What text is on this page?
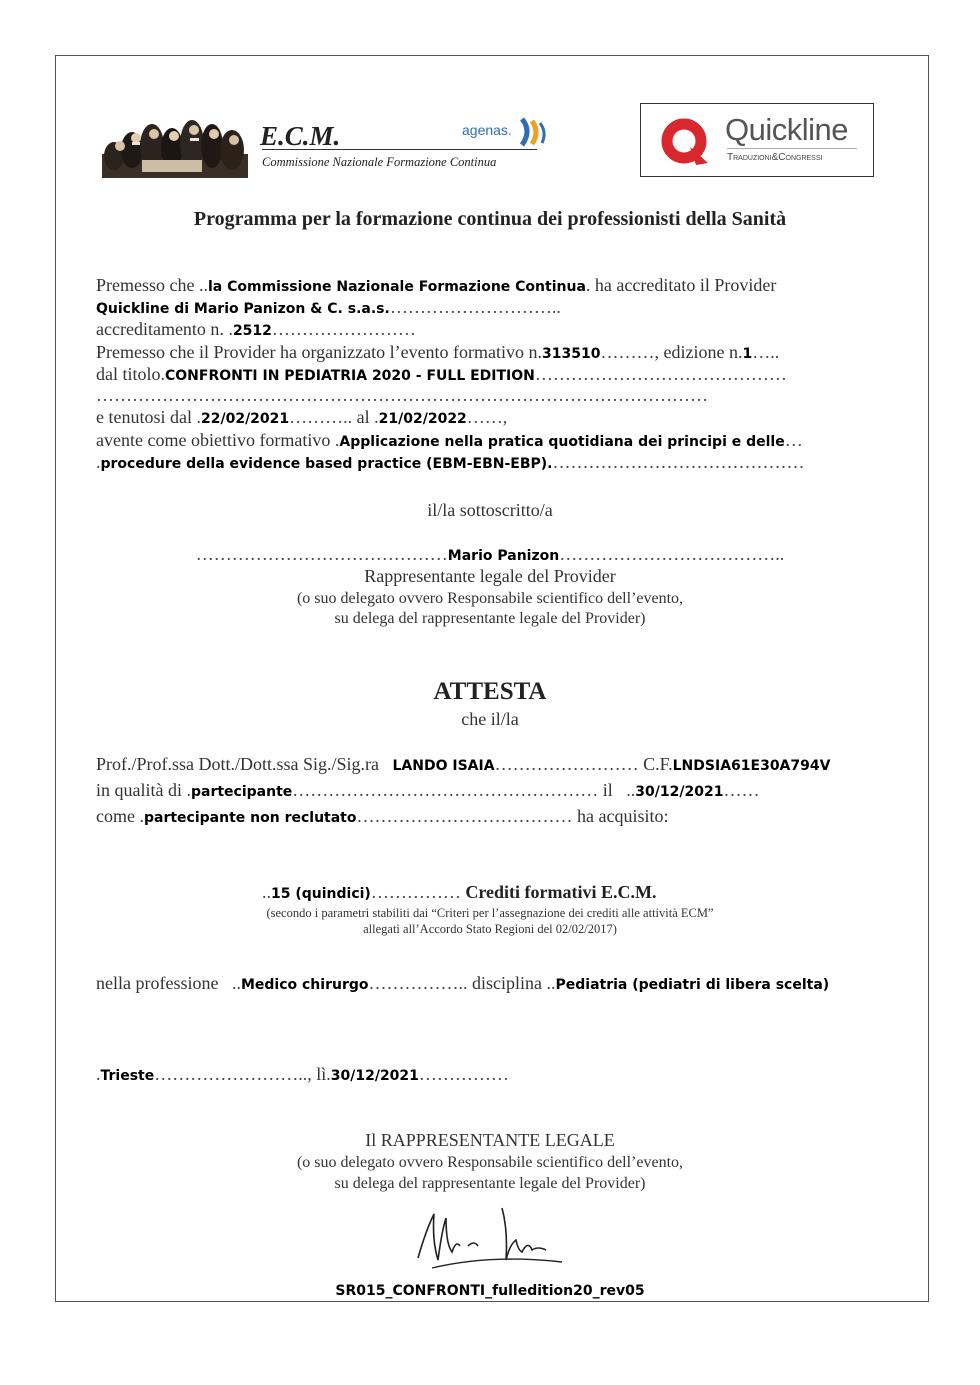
E.C.M.
Commissione Nazionale Formazione Continua
agenas.	Quickline
Traduzioni&Congressi
Programma per la formazione continua dei professionisti della Sanità
Premesso che ..la Commissione Nazionale Formazione Continua. ha accreditato il Provider
Quickline di Mario Panizon & C. s.a.s.………………………..
accreditamento n. .2512……………………
Premesso che il Provider ha organizzato l’evento formativo n.313510………, edizione n.1…..
dal titolo.CONFRONTI IN PEDIATRIA 2020 - FULL EDITION……………………………………
…………………………………………………………………………………………
e tenutosi dal .22/02/2021……….. al .21/02/2022……,
avente come obiettivo formativo .Applicazione nella pratica quotidiana dei principi e delle…
.procedure della evidence based practice (EBM-EBN-EBP).……………………………………
il/la sottoscritto/a
……………………………………Mario Panizon………………………………..
Rappresentante legale del Provider
(o suo delegato ovvero Responsabile scientifico dell’evento,
su delega del rappresentante legale del Provider)
ATTESTA
che il/la
Prof./Prof.ssa Dott./Dott.ssa Sig./Sig.ra LANDO ISAIA…………………… C.F.LNDSIA61E30A794V
in qualità di .partecipante…………………………………………… il ..30/12/2021……
come .partecipante non reclutato……………………………… ha acquisito:
..15 (quindici)…………… Crediti formativi E.C.M.
(secondo i parametri stabiliti dai “Criteri per l’assegnazione dei crediti alle attività ECM”
allegati all’Accordo Stato Regioni del 02/02/2017)
nella professione ..Medico chirurgo…………….. disciplina ..Pediatria (pediatri di libera scelta)
.Trieste…………………….., lì.30/12/2021……………
Il RAPPRESENTANTE LEGALE
(o suo delegato ovvero Responsabile scientifico dell’evento,
su delega del rappresentante legale del Provider)
SR015_CONFRONTI_fulledition20_rev05
